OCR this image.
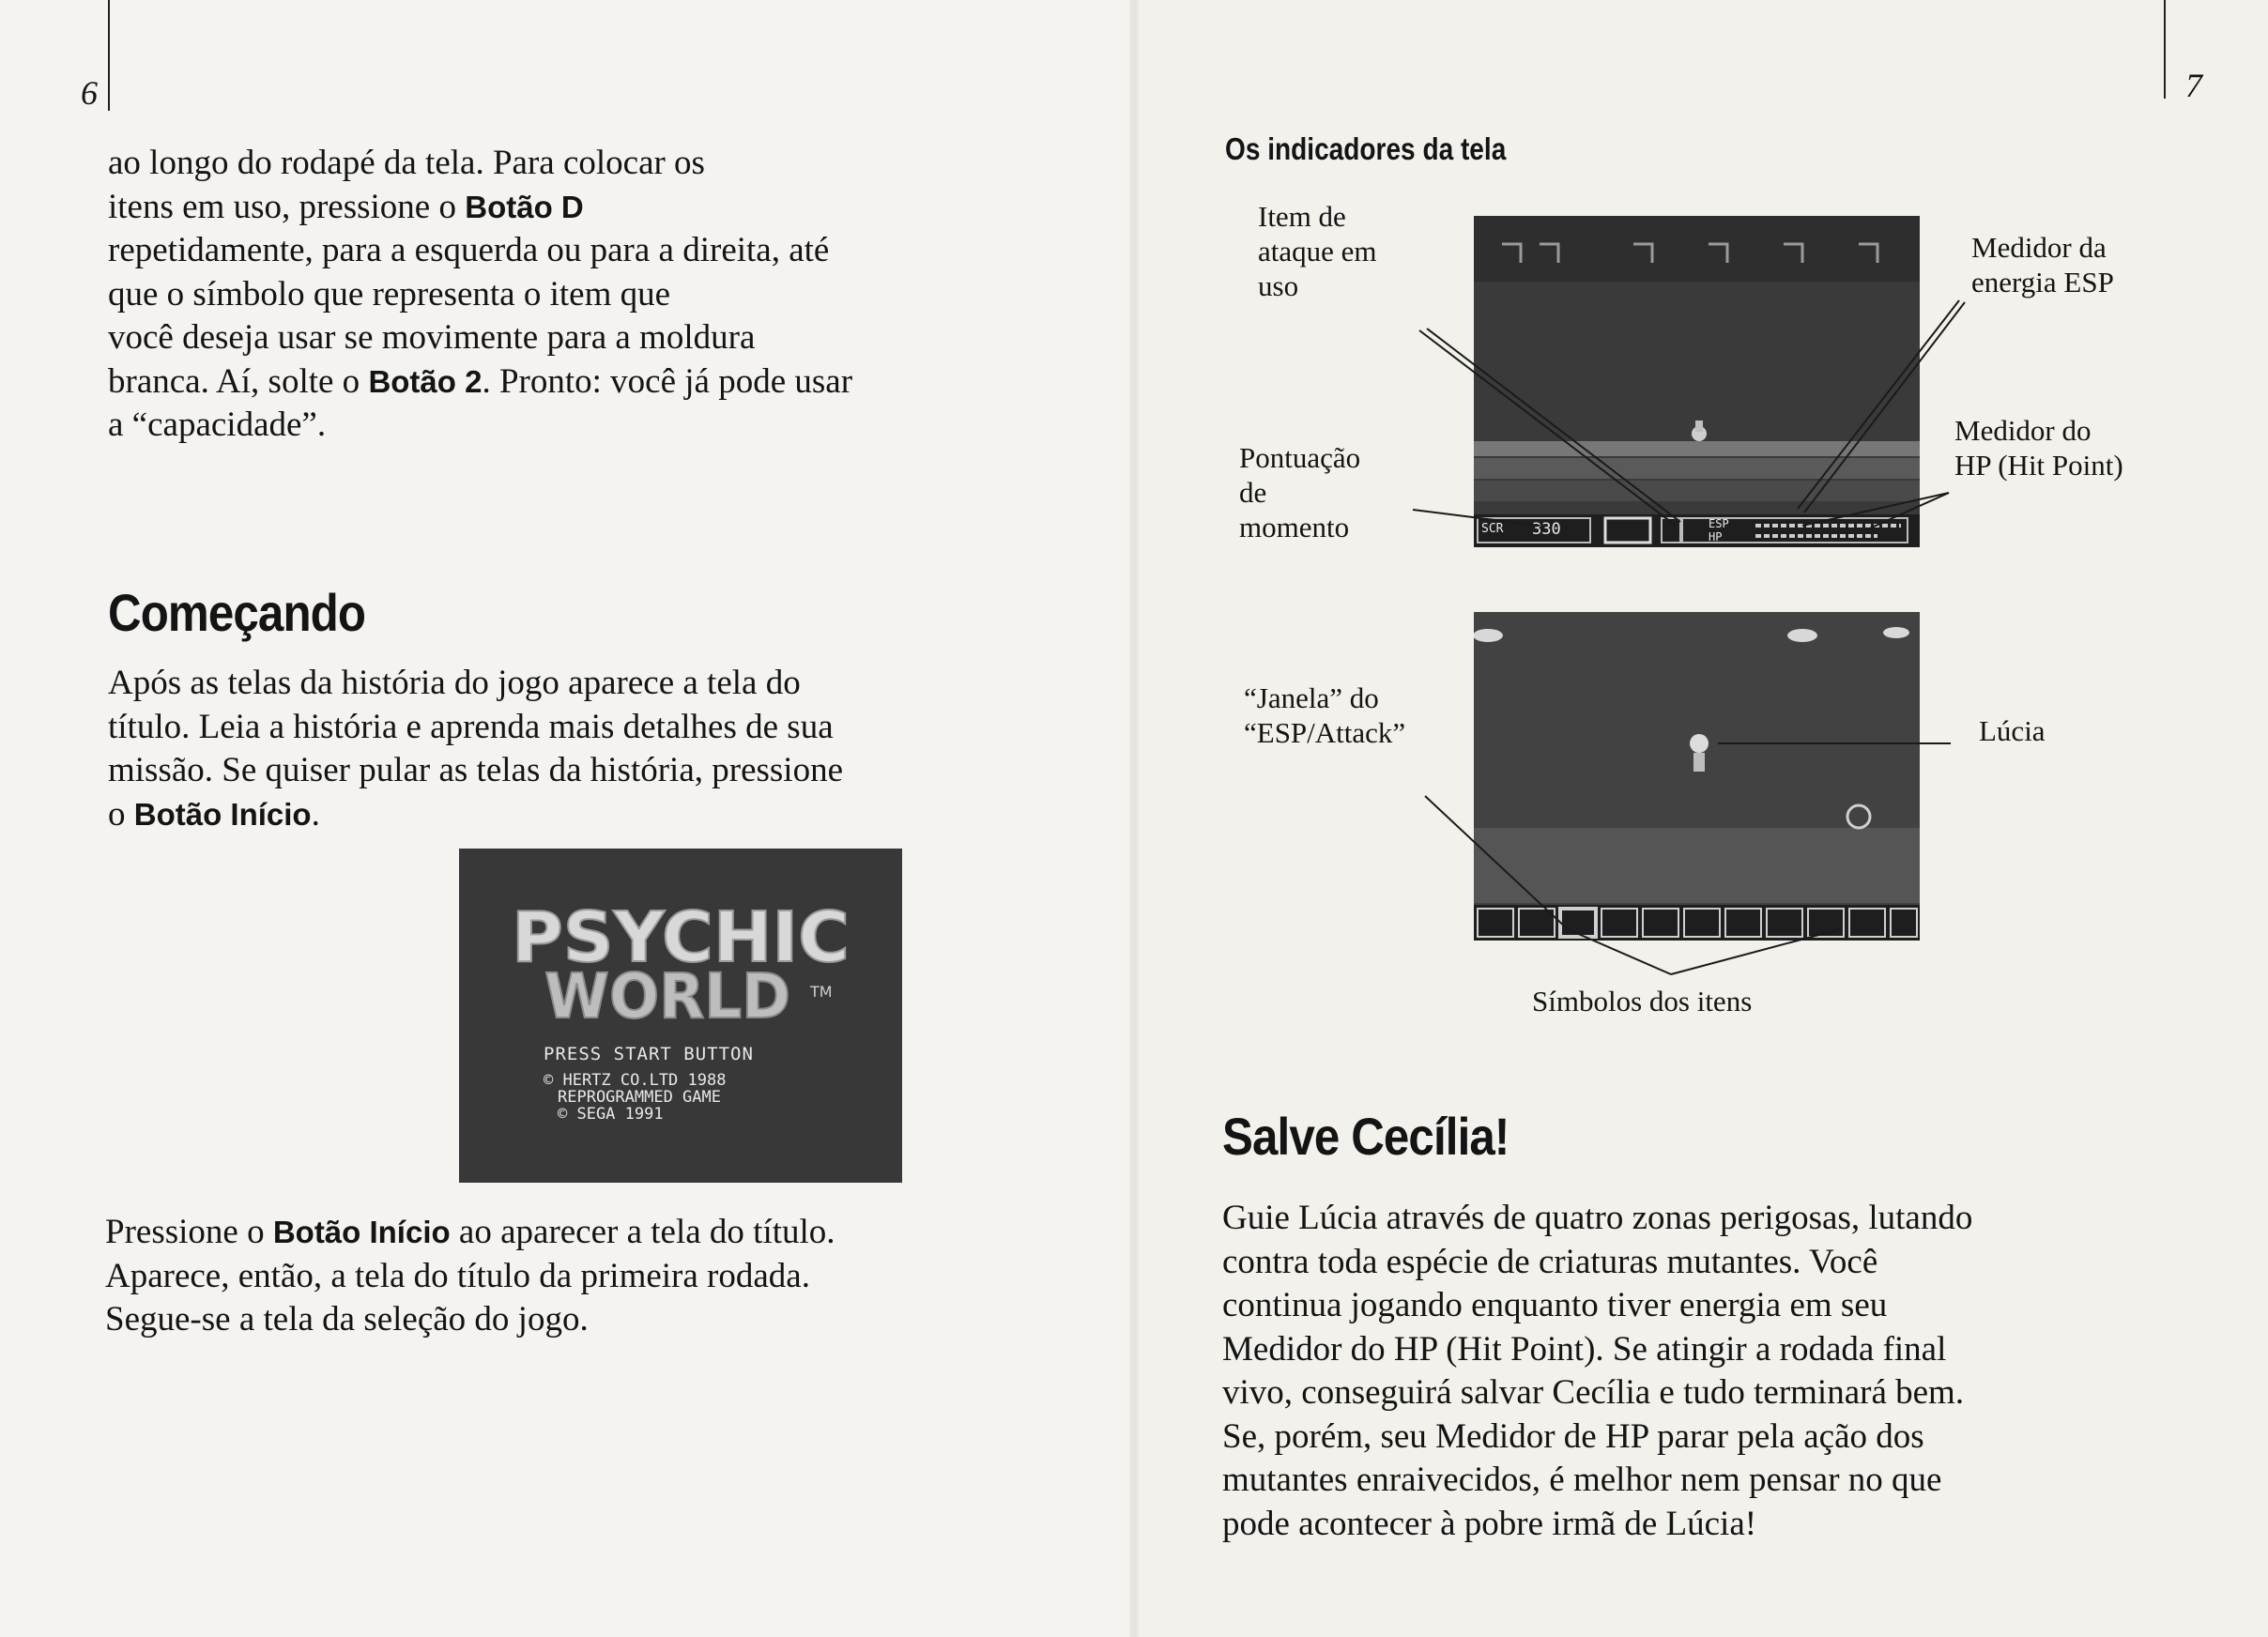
6
ao longo do rodapé da tela. Para colocar os
itens em uso, pressione o Botão D
repetidamente, para a esquerda ou para a direita, até
que o símbolo que representa o item que
você deseja usar se movimente para a moldura
branca. Aí, solte o Botão 2. Pronto: você já pode usar
a “capacidade”.
Começando
Após as telas da história do jogo aparece a tela do
título. Leia a história e aprenda mais detalhes de sua
missão. Se quiser pular as telas da história, pressione
o Botão Início.
PSYCHIC
WORLD TM
PRESS START BUTTON
© HERTZ CO.LTD 1988
REPROGRAMMED GAME
© SEGA 1991
Pressione o Botão Início ao aparecer a tela do título.
Aparece, então, a tela do título da primeira rodada.
Segue-se a tela da seleção do jogo.
7
Os indicadores da tela
SCR 330	ESP
HP
Item de
ataque em
uso
Medidor da
energia ESP
Medidor do
HP (Hit Point)
Pontuação
de
momento
“Janela” do
“ESP/Attack”	Lúcia
Símbolos dos itens
Salve Cecília!
Guie Lúcia através de quatro zonas perigosas, lutando
contra toda espécie de criaturas mutantes. Você
continua jogando enquanto tiver energia em seu
Medidor do HP (Hit Point). Se atingir a rodada final
vivo, conseguirá salvar Cecília e tudo terminará bem.
Se, porém, seu Medidor de HP parar pela ação dos
mutantes enraivecidos, é melhor nem pensar no que
pode acontecer à pobre irmã de Lúcia!
